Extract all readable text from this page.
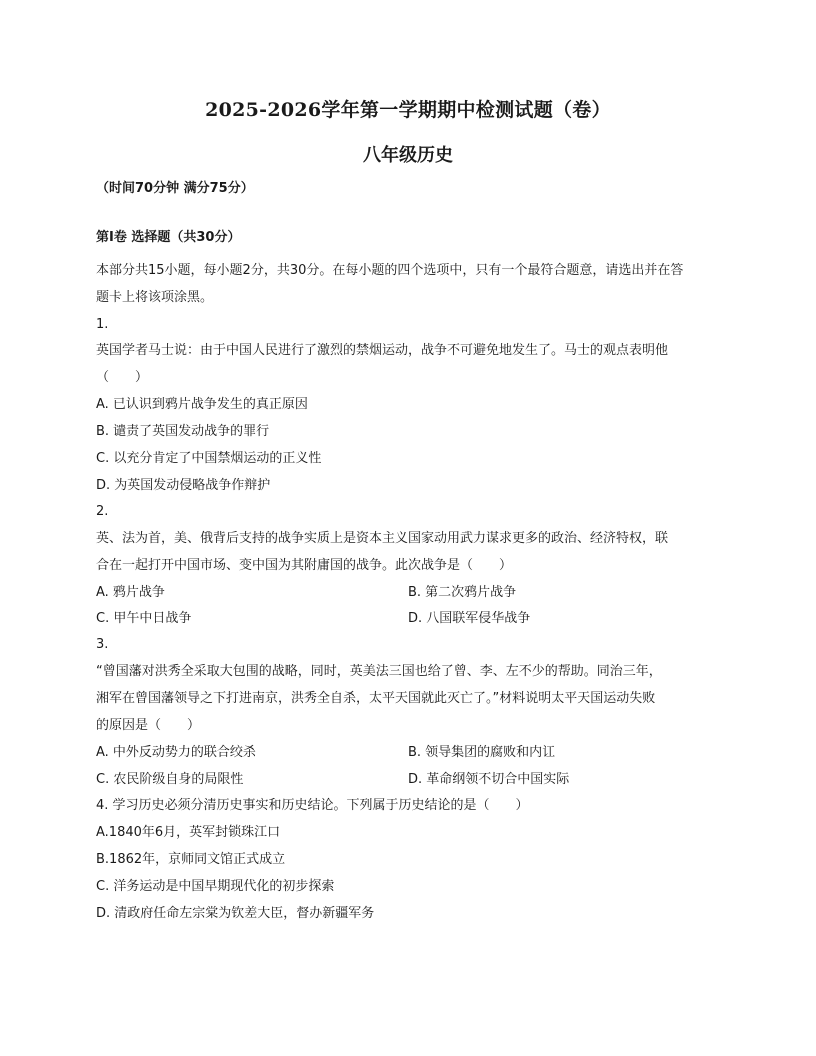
2025-2026学年第一学期期中检测试题（卷）
八年级历史
（时间70分钟 满分75分）
第Ⅰ卷 选择题（共30分）
本部分共15小题，每小题2分，共30分。在每小题的四个选项中，只有一个最符合题意，请选出并在答
题卡上将该项涂黑。
1.
英国学者马士说：由于中国人民进行了激烈的禁烟运动，战争不可避免地发生了。马士的观点表明他
（　　）
A. 已认识到鸦片战争发生的真正原因
B. 谴责了英国发动战争的罪行
C. 以充分肯定了中国禁烟运动的正义性
D. 为英国发动侵略战争作辩护
2.
英、法为首，美、俄背后支持的战争实质上是资本主义国家动用武力谋求更多的政治、经济特权，联
合在一起打开中国市场、变中国为其附庸国的战争。此次战争是（　　）
A. 鸦片战争	B. 第二次鸦片战争
C. 甲午中日战争	D. 八国联军侵华战争
3.
“曾国藩对洪秀全采取大包围的战略，同时，英美法三国也给了曾、李、左不少的帮助。同治三年，
湘军在曾国藩领导之下打进南京，洪秀全自杀，太平天国就此灭亡了。”材料说明太平天国运动失败
的原因是（　　）
A. 中外反动势力的联合绞杀	B. 领导集团的腐败和内讧
C. 农民阶级自身的局限性	D. 革命纲领不切合中国实际
4. 学习历史必须分清历史事实和历史结论。下列属于历史结论的是（　　）
A.1840年6月，英军封锁珠江口
B.1862年，京师同文馆正式成立
C. 洋务运动是中国早期现代化的初步探索
D. 清政府任命左宗棠为钦差大臣，督办新疆军务
